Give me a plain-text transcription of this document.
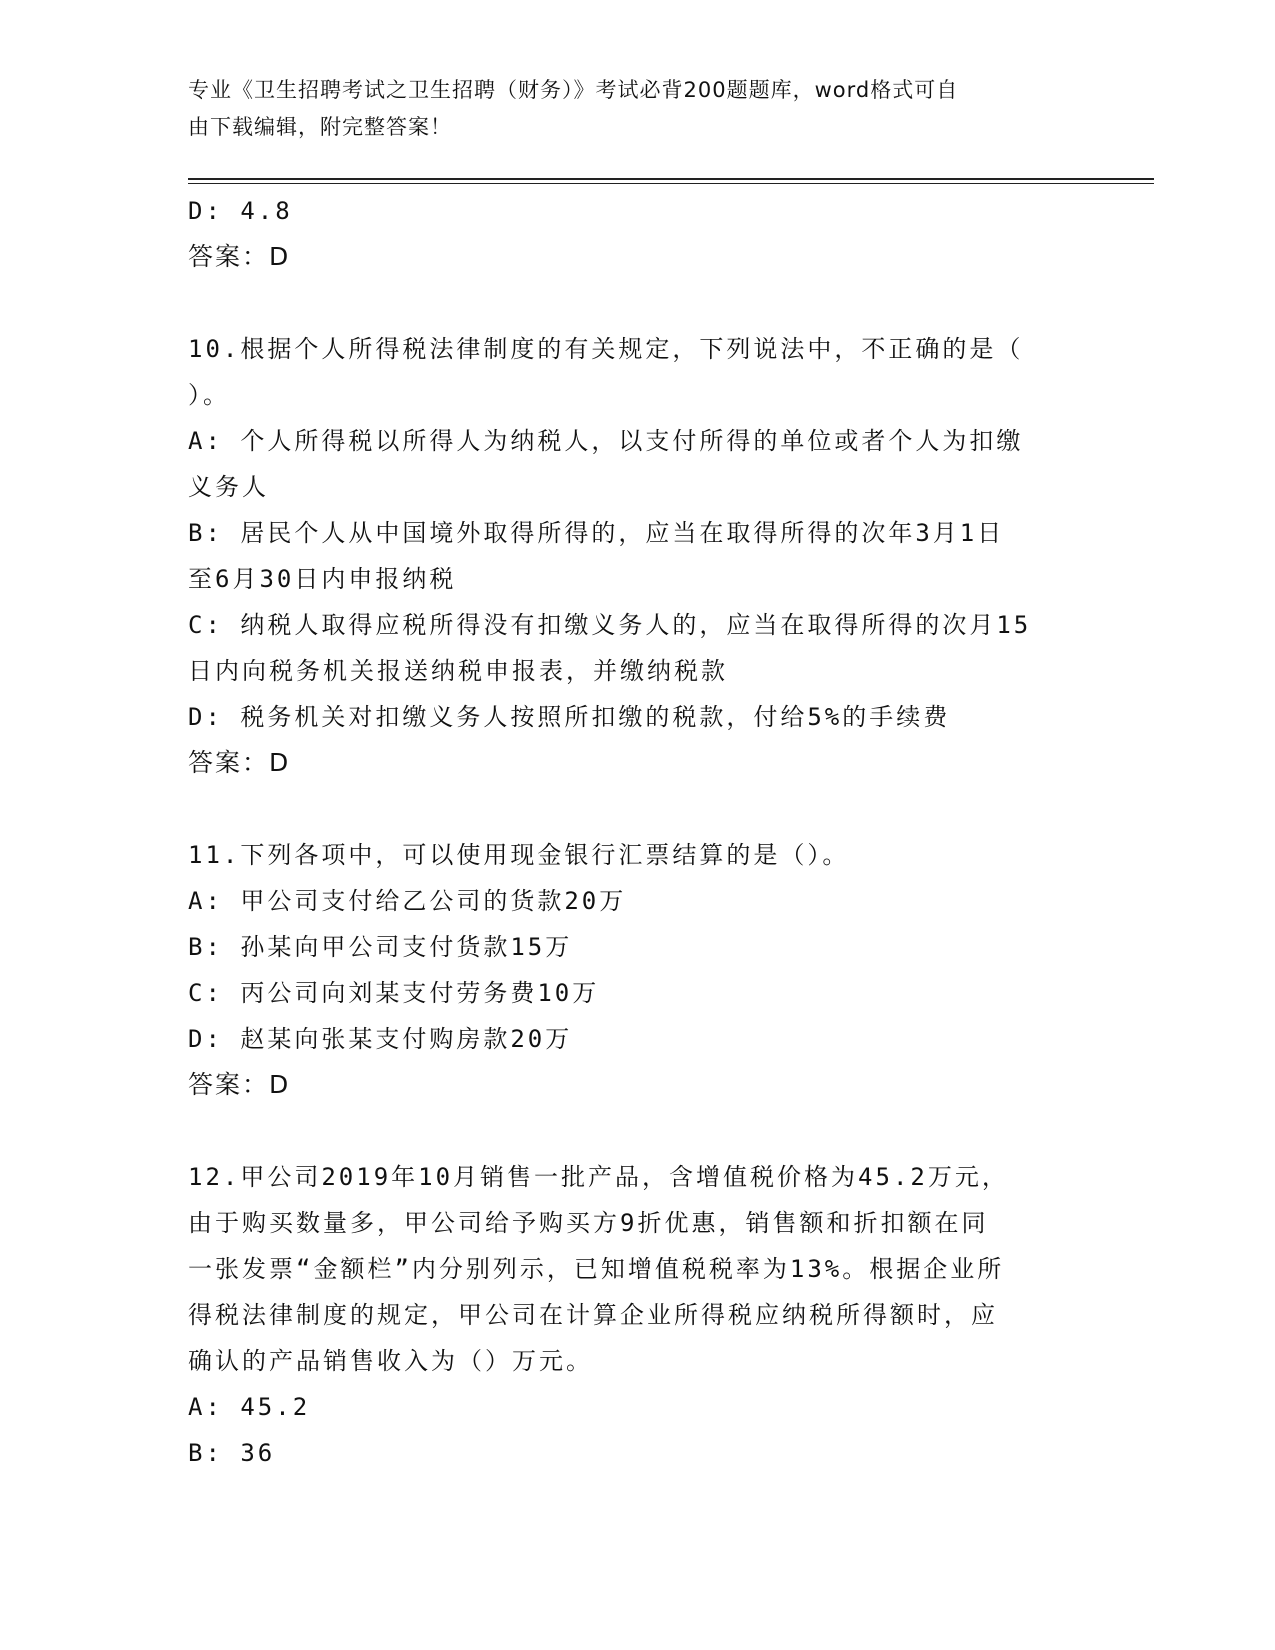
专业《卫生招聘考试之卫生招聘（财务）》考试必背200题题库，word格式可自
由下载编辑，附完整答案！

D: 4.8

答案：D

10.根据个人所得税法律制度的有关规定，下列说法中，不正确的是（

）。

A: 个人所得税以所得人为纳税人，以支付所得的单位或者个人为扣缴

义务人

B: 居民个人从中国境外取得所得的，应当在取得所得的次年3月1日

至6月30日内申报纳税

C: 纳税人取得应税所得没有扣缴义务人的，应当在取得所得的次月15

日内向税务机关报送纳税申报表，并缴纳税款

D: 税务机关对扣缴义务人按照所扣缴的税款，付给5%的手续费

答案：D

11.下列各项中，可以使用现金银行汇票结算的是（）。

A: 甲公司支付给乙公司的货款20万

B: 孙某向甲公司支付货款15万

C: 丙公司向刘某支付劳务费10万

D: 赵某向张某支付购房款20万

答案：D

12.甲公司2019年10月销售一批产品，含增值税价格为45.2万元，

由于购买数量多，甲公司给予购买方9折优惠，销售额和折扣额在同

一张发票“金额栏”内分别列示，已知增值税税率为13%。根据企业所

得税法律制度的规定，甲公司在计算企业所得税应纳税所得额时，应

确认的产品销售收入为（）万元。

A: 45.2

B: 36
